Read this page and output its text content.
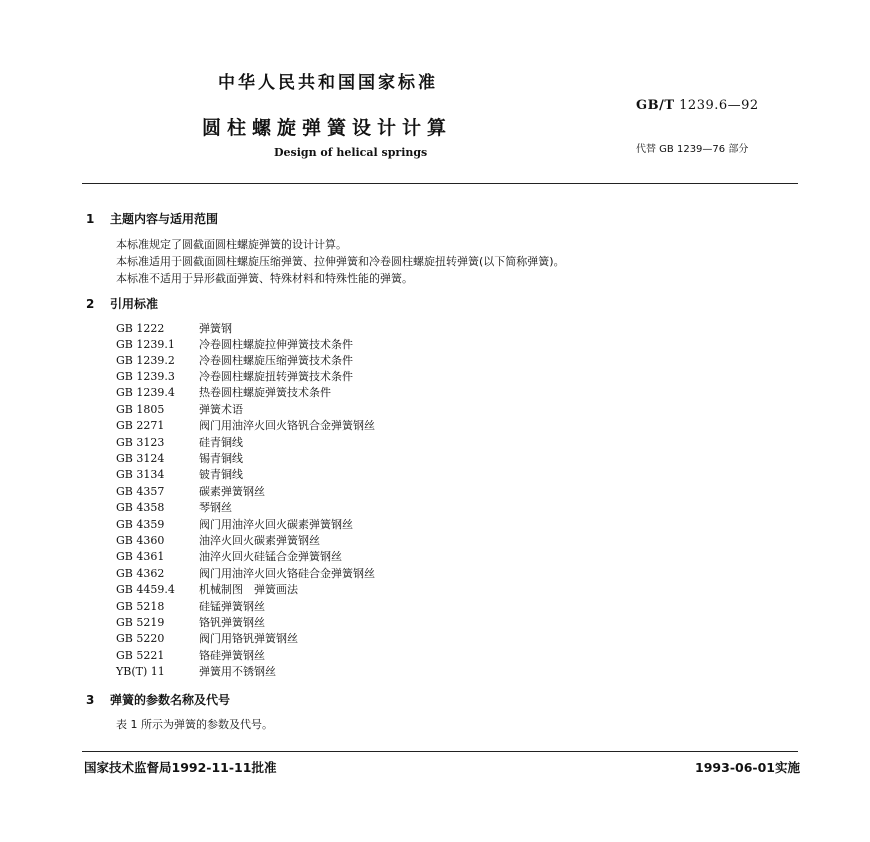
中华人民共和国国家标准
圆柱螺旋弹簧设计计算
Design of helical springs
GB/T 1239.6—92
代替 GB 1239—76 部分
1 主题内容与适用范围
本标准规定了圆截面圆柱螺旋弹簧的设计计算。
本标准适用于圆截面圆柱螺旋压缩弹簧、拉伸弹簧和冷卷圆柱螺旋扭转弹簧(以下简称弹簧)。
本标准不适用于异形截面弹簧、特殊材料和特殊性能的弹簧。
2 引用标准
GB 1222	弹簧钢
GB 1239.1 冷卷圆柱螺旋拉伸弹簧技术条件
GB 1239.2 冷卷圆柱螺旋压缩弹簧技术条件
GB 1239.3 冷卷圆柱螺旋扭转弹簧技术条件
GB 1239.4 热卷圆柱螺旋弹簧技术条件
GB 1805	弹簧术语
GB 2271	阀门用油淬火回火铬钒合金弹簧钢丝
GB 3123	硅青铜线
GB 3124	锡青铜线
GB 3134	铍青铜线
GB 4357	碳素弹簧钢丝
GB 4358	琴钢丝
GB 4359	阀门用油淬火回火碳素弹簧钢丝
GB 4360	油淬火回火碳素弹簧钢丝
GB 4361	油淬火回火硅锰合金弹簧钢丝
GB 4362	阀门用油淬火回火铬硅合金弹簧钢丝
GB 4459.4 机械制图　弹簧画法
GB 5218	硅锰弹簧钢丝
GB 5219	铬钒弹簧钢丝
GB 5220	阀门用铬钒弹簧钢丝
GB 5221	铬硅弹簧钢丝
YB(T) 11	弹簧用不锈钢丝
3 弹簧的参数名称及代号
表 1 所示为弹簧的参数及代号。
国家技术监督局1992-11-11批准	1993-06-01实施
